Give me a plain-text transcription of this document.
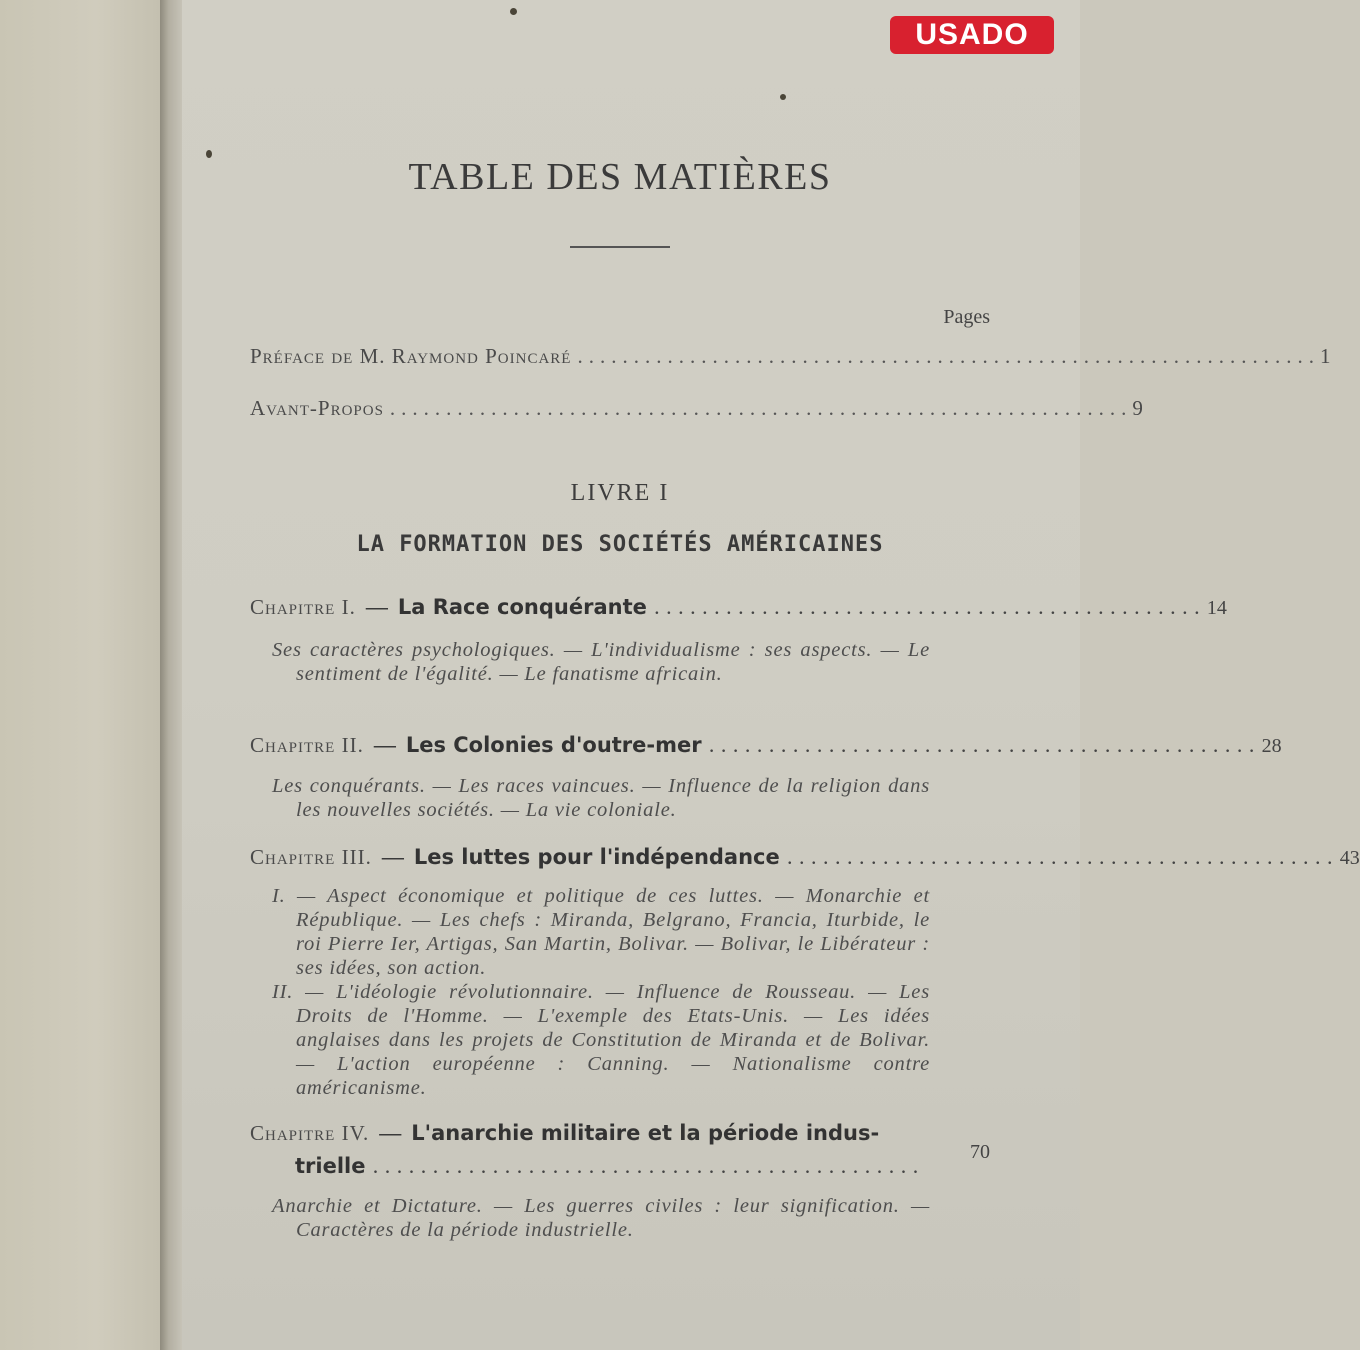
USADO
TABLE DES MATIÈRES
Pages
Préface de M. Raymond Poincaré .................................................................. 1
Avant-Propos .................................................................. 9
LIVRE I
LA FORMATION DES SOCIÉTÉS AMÉRICAINES
Chapitre I. — La Race conquérante .............................................. 14

Ses caractères psychologiques. — L'individualisme : ses aspects. — Le sentiment de l'égalité. — Le fanatisme africain.

Chapitre II. — Les Colonies d'outre-mer .............................................. 28

Les conquérants. — Les races vaincues. — Influence de la religion dans les nouvelles sociétés. — La vie coloniale.

Chapitre III. — Les luttes pour l'indépendance .............................................. 43

I. — Aspect économique et politique de ces luttes. — Monarchie et République. — Les chefs : Miranda, Belgrano, Francia, Iturbide, le roi Pierre Ier, Artigas, San Martin, Bolivar. — Bolivar, le Libérateur : ses idées, son action.

II. — L'idéologie révolutionnaire. — Influence de Rousseau. — Les Droits de l'Homme. — L'exemple des Etats-Unis. — Les idées anglaises dans les projets de Constitution de Miranda et de Bolivar. — L'action européenne : Canning. — Nationalisme contre américanisme.

Chapitre IV. — L'anarchie militaire et la période indus-
70
trielle ..............................................

Anarchie et Dictature. — Les guerres civiles : leur signification. — Caractères de la période industrielle.
